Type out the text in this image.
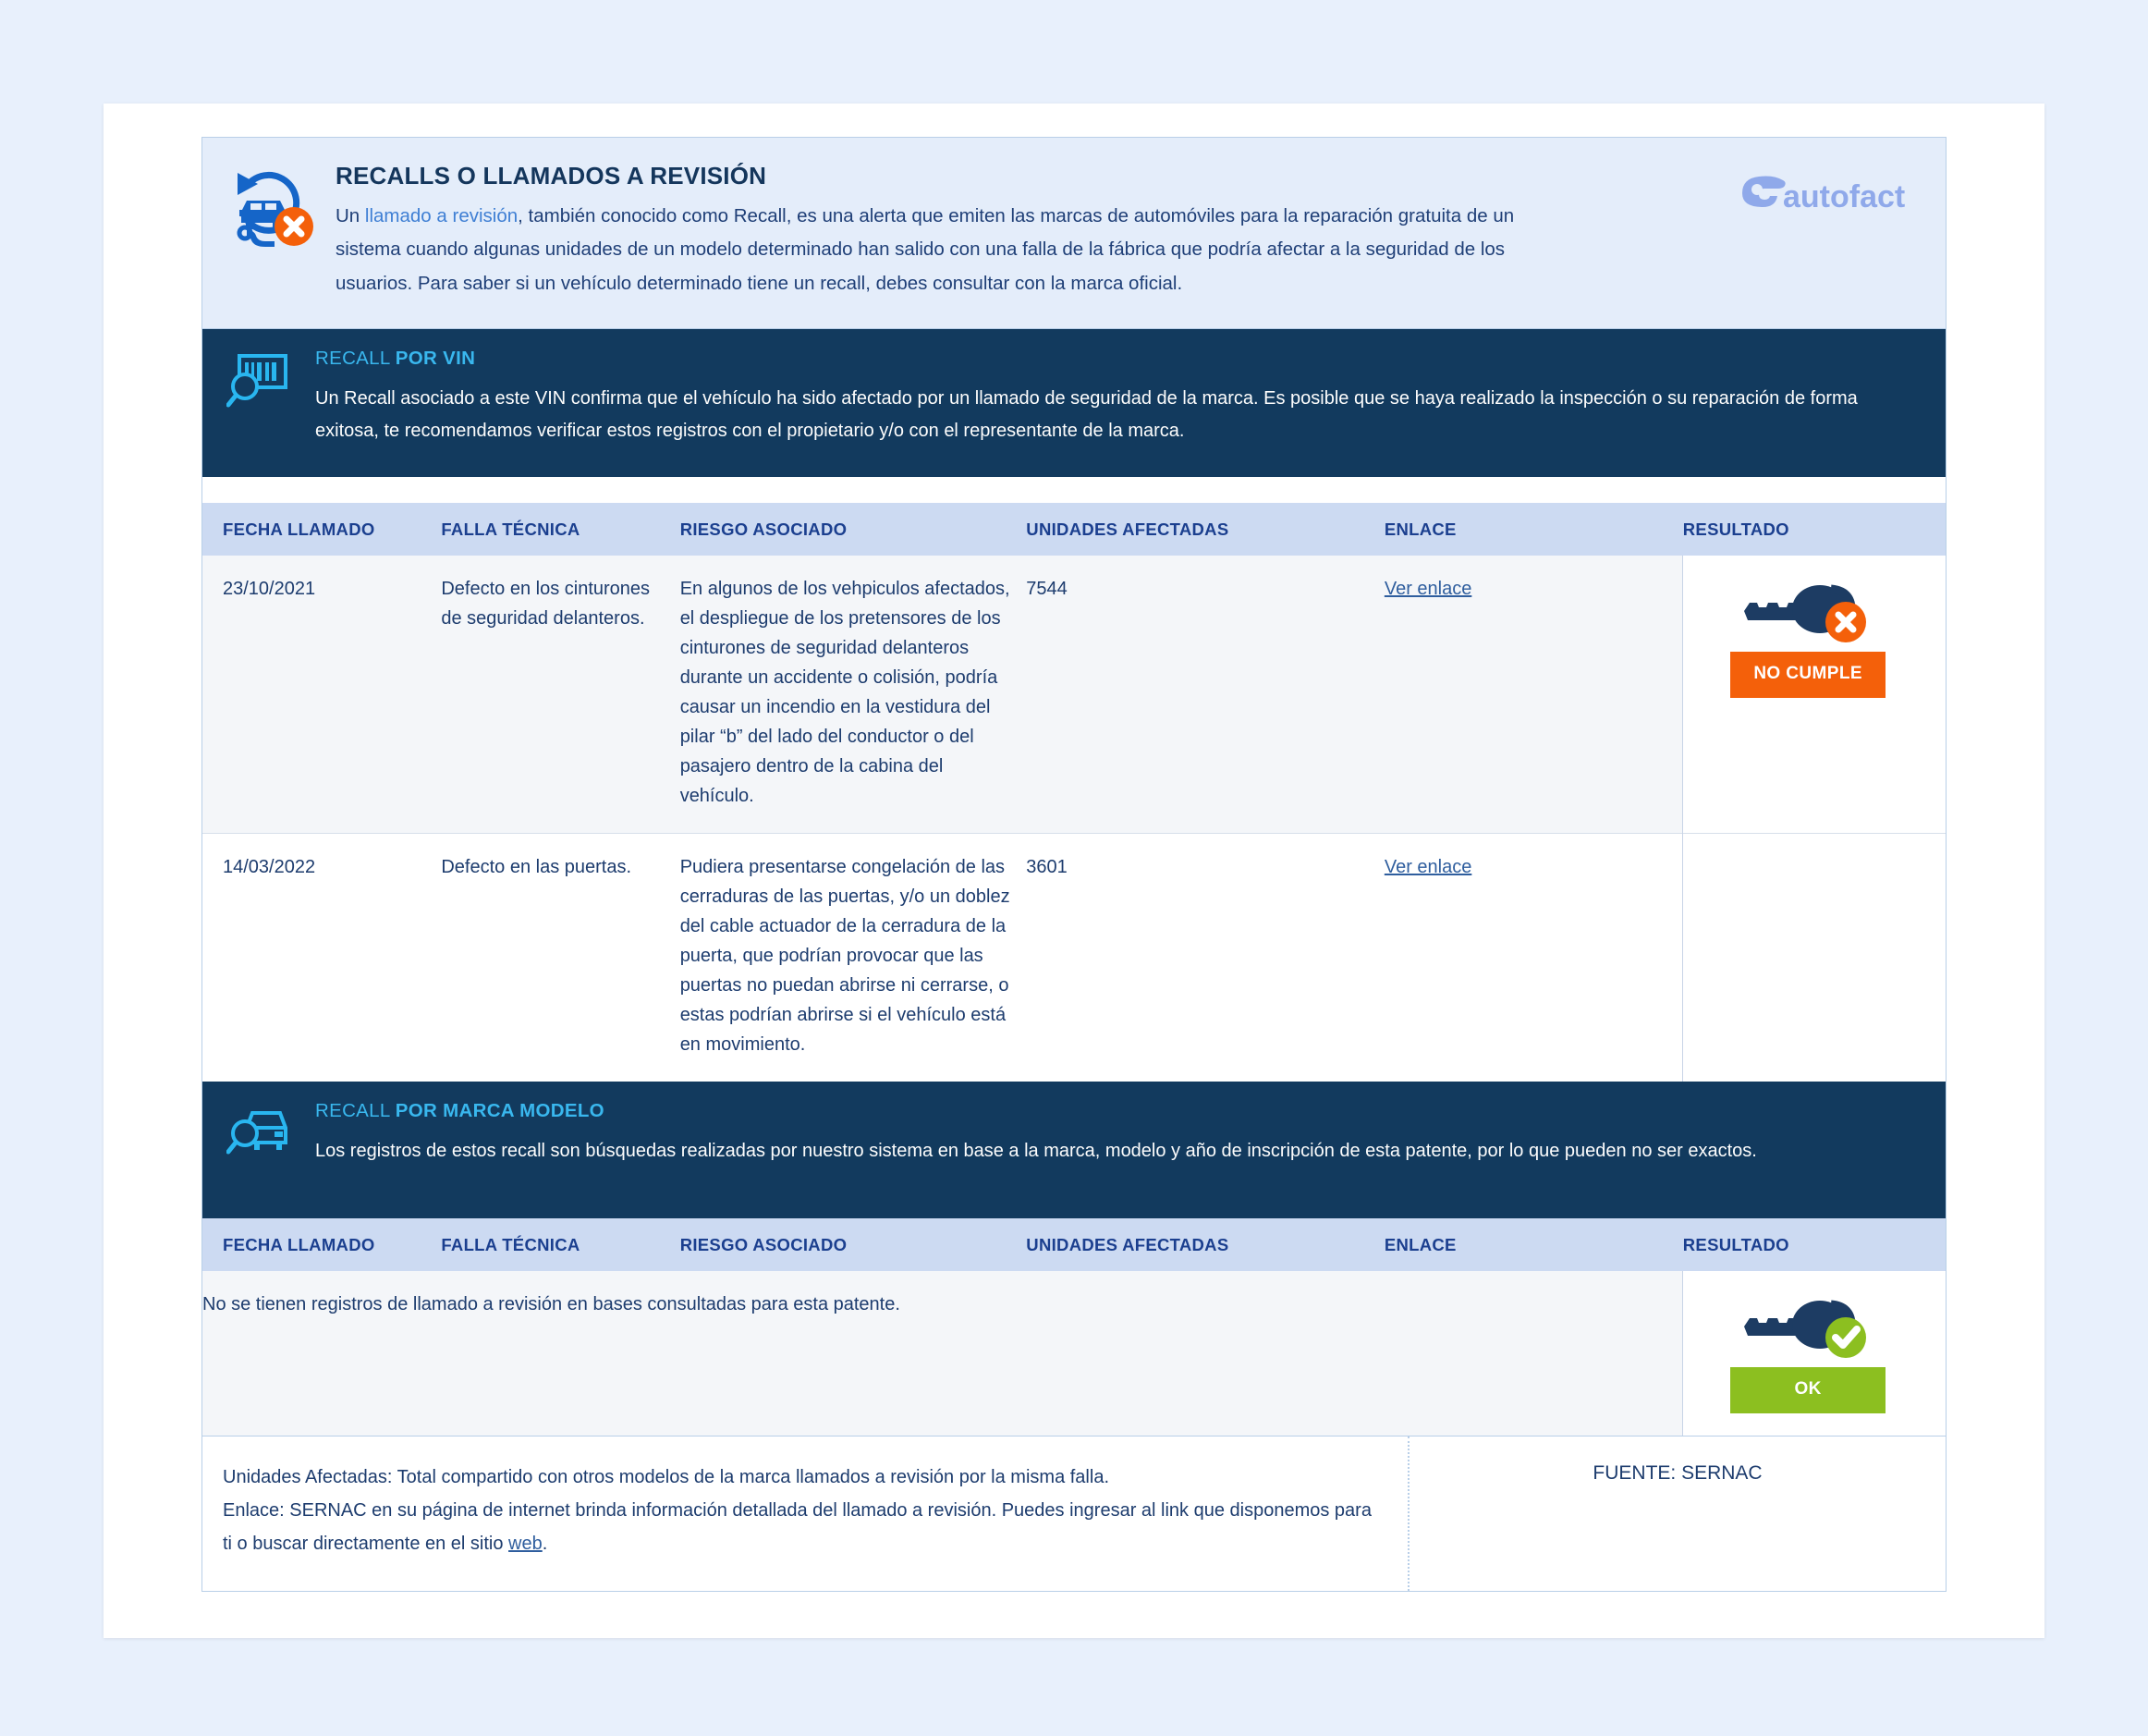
RECALLS O LLAMADOS A REVISIÓN
Un llamado a revisión, también conocido como Recall, es una alerta que emiten las marcas de automóviles para la reparación gratuita de un sistema cuando algunas unidades de un modelo determinado han salido con una falla de la fábrica que podría afectar a la seguridad de los usuarios. Para saber si un vehículo determinado tiene un recall, debes consultar con la marca oficial.
autofact
RECALL POR VIN
Un Recall asociado a este VIN confirma que el vehículo ha sido afectado por un llamado de seguridad de la marca. Es posible que se haya realizado la inspección o su reparación de forma exitosa, te recomendamos verificar estos registros con el propietario y/o con el representante de la marca.
FECHA LLAMADO	FALLA TÉCNICA	RIESGO ASOCIADO	UNIDADES AFECTADAS	ENLACE	RESULTADO
23/10/2021	Defecto en los cinturones de seguridad delanteros.	En algunos de los vehpiculos afectados, el despliegue de los pretensores de los cinturones de seguridad delanteros durante un accidente o colisión, podría causar un incendio en la vestidura del pilar “b” del lado del conductor o del pasajero dentro de la cabina del vehículo.	7544	Ver enlace	NO CUMPLE

14/03/2022	Defecto en las puertas.	Pudiera presentarse congelación de las cerraduras de las puertas, y/o un doblez del cable actuador de la cerradura de la puerta, que podrían provocar que las puertas no puedan abrirse ni cerrarse, o estas podrían abrirse si el vehículo está en movimiento.	3601	Ver enlace	
RECALL POR MARCA MODELO
Los registros de estos recall son búsquedas realizadas por nuestro sistema en base a la marca, modelo y año de inscripción de esta patente, por lo que pueden no ser exactos.
FECHA LLAMADO	FALLA TÉCNICA	RIESGO ASOCIADO	UNIDADES AFECTADAS	ENLACE	RESULTADO
No se tienen registros de llamado a revisión en bases consultadas para esta patente.					OK
Unidades Afectadas: Total compartido con otros modelos de la marca llamados a revisión por la misma falla.
Enlace: SERNAC en su página de internet brinda información detallada del llamado a revisión. Puedes ingresar al link que disponemos para ti o buscar directamente en el sitio web.
FUENTE: SERNAC
